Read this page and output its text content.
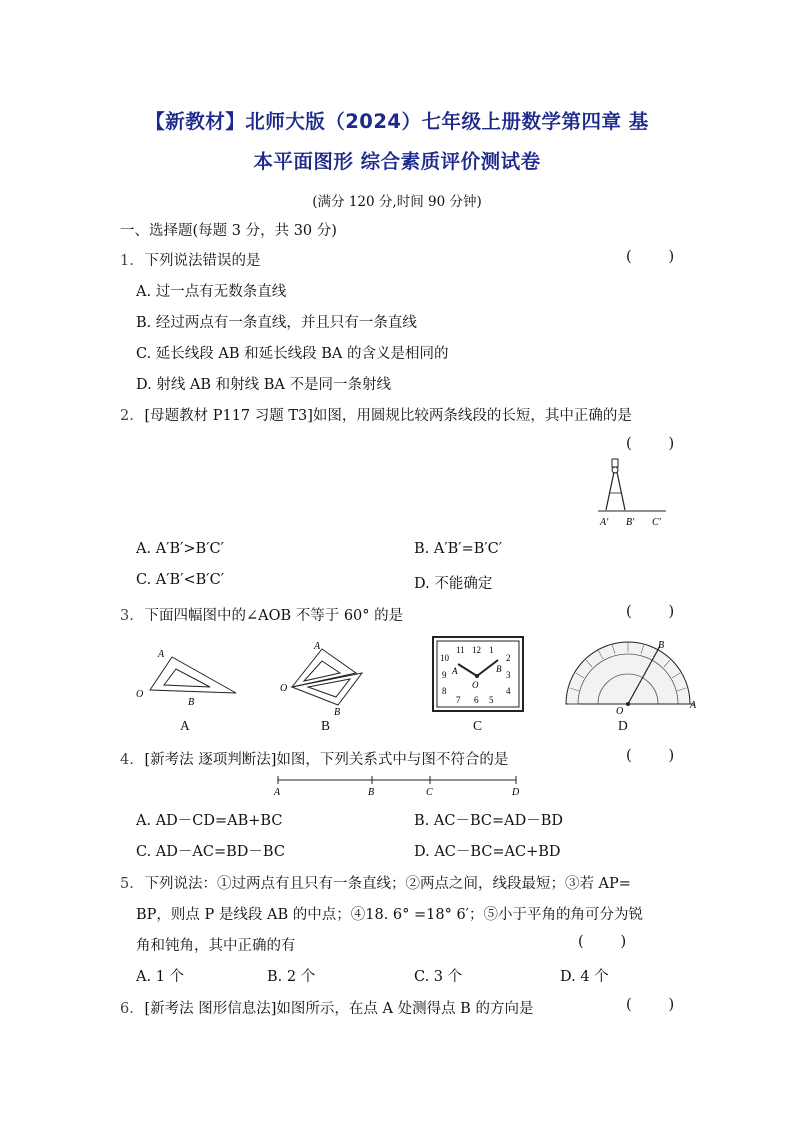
【新教材】北师大版（2024）七年级上册数学第四章 基
本平面图形 综合素质评价测试卷
(满分 120 分,时间 90 分钟)
一、选择题(每题 3 分，共 30 分)
1. 下列说法错误的是	(        )
A. 过一点有无数条直线
B. 经过两点有一条直线，并且只有一条直线
C. 延长线段 AB 和延长线段 BA 的含义是相同的
D. 射线 AB 和射线 BA 不是同一条射线
2. [母题教材 P117 习题 T3]如图，用圆规比较两条线段的长短，其中正确的是
(        )
A′ B′ C′
A. A′B′>B′C′	B. A′B′=B′C′
C. A′B′<B′C′	D. 不能确定
3. 下面四幅图中的∠AOB 不等于 60° 的是	(        )
A
O
B
A
A
O
B
B
12 1
2
3
4
5
6
7
8
9
10
11
A
O
B
C
O
A
B
D
4. [新考法 逐项判断法]如图，下列关系式中与图不符合的是	(        )
A	B	C	D
A. AD－CD=AB+BC	B. AC－BC=AD－BD
C. AD－AC=BD－BC	D. AC－BC=AC+BD
5. 下列说法：①过两点有且只有一条直线；②两点之间，线段最短；③若 AP=
BP，则点 P 是线段 AB 的中点；④18. 6° =18° 6′；⑤小于平角的角可分为锐
角和钝角，其中正确的有	(        )
A. 1 个	B. 2 个	C. 3 个	D. 4 个
6. [新考法 图形信息法]如图所示，在点 A 处测得点 B 的方向是	(        )
